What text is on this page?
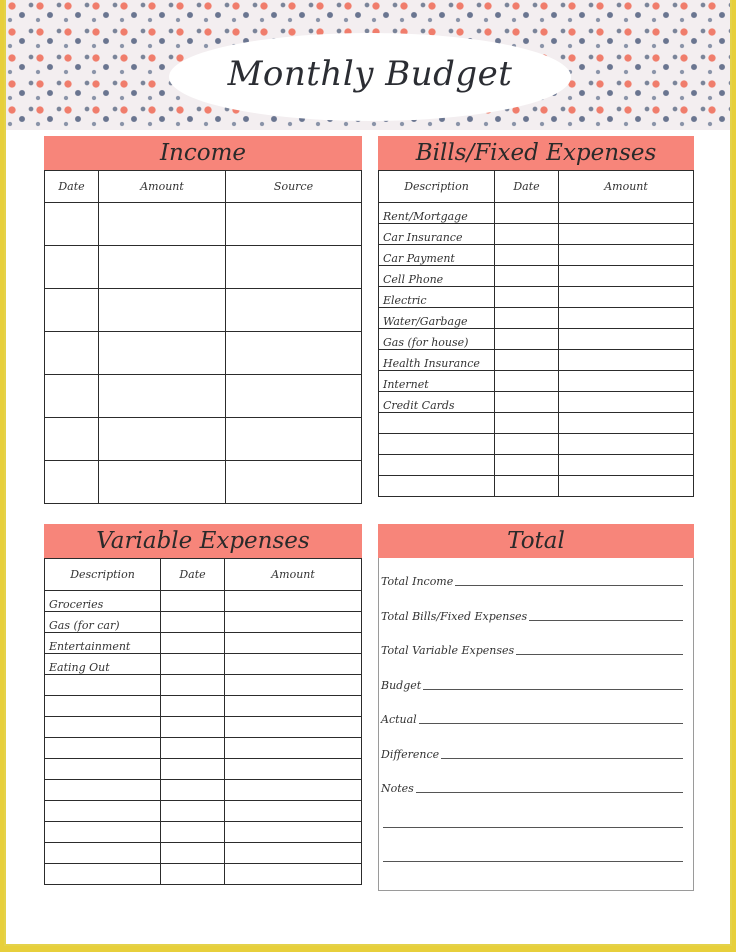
Monthly Budget
Income
Date	Amount	Source

Bills/Fixed Expenses
Description	Date	Amount
Rent/Mortgage		
Car Insurance		
Car Payment		
Cell Phone		
Electric		
Water/Garbage		
Gas (for house)		
Health Insurance		
Internet		
Credit Cards		

Variable Expenses
Description	Date	Amount
Groceries		
Gas (for car)		
Entertainment		
Eating Out		

Total
Total Income
Total Bills/Fixed Expenses
Total Variable Expenses
Budget
Actual
Difference
Notes
